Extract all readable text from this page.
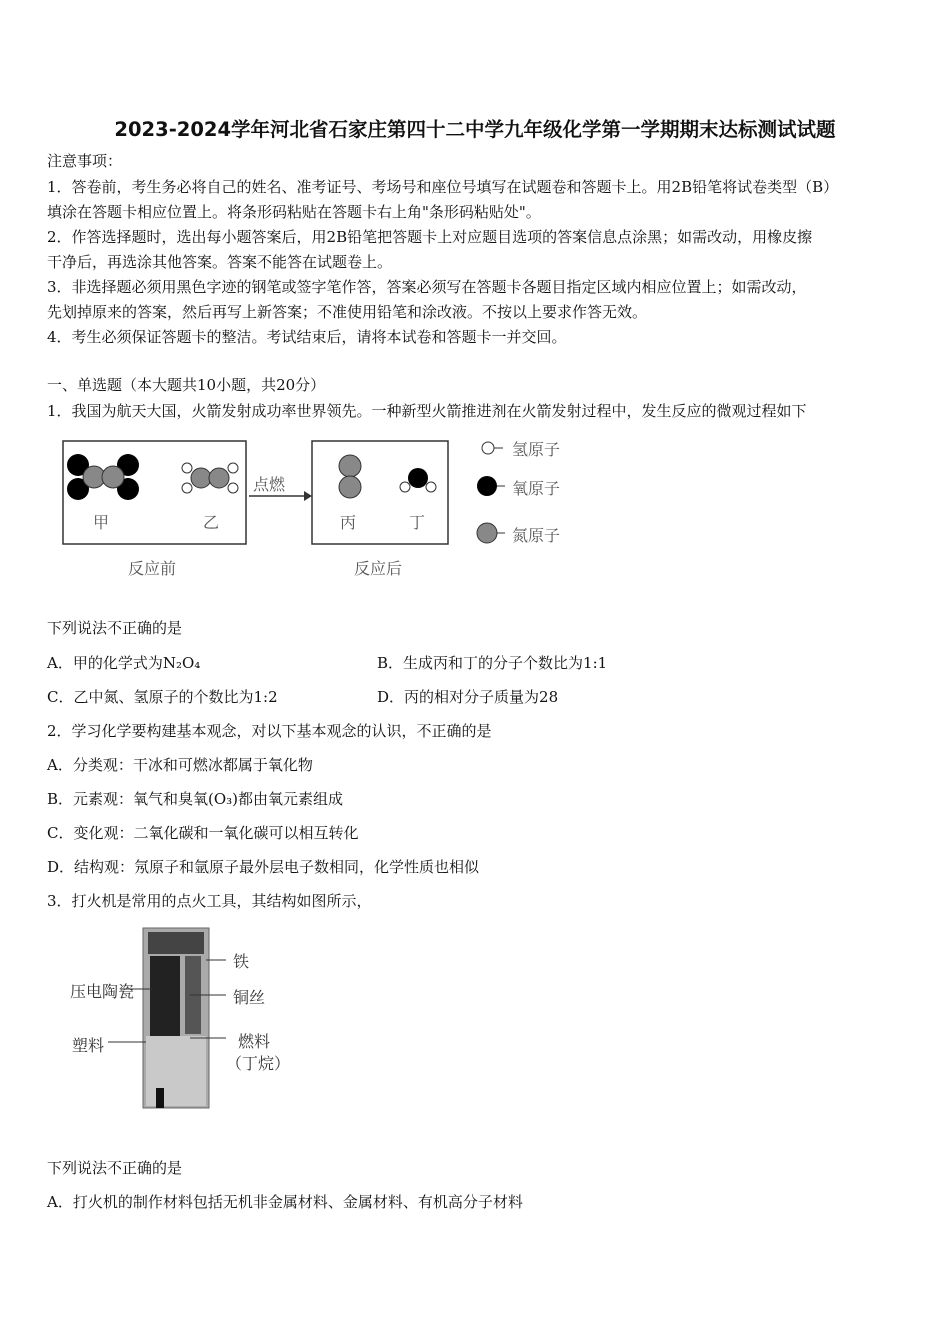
2023-2024学年河北省石家庄第四十二中学九年级化学第一学期期末达标测试试题
注意事项：
1．答卷前，考生务必将自己的姓名、准考证号、考场号和座位号填写在试题卷和答题卡上。用2B铅笔将试卷类型（B）
填涂在答题卡相应位置上。将条形码粘贴在答题卡右上角"条形码粘贴处"。
2．作答选择题时，选出每小题答案后，用2B铅笔把答题卡上对应题目选项的答案信息点涂黑；如需改动，用橡皮擦
干净后，再选涂其他答案。答案不能答在试题卷上。
3．非选择题必须用黑色字迹的钢笔或签字笔作答，答案必须写在答题卡各题目指定区域内相应位置上；如需改动，
先划掉原来的答案，然后再写上新答案；不准使用铅笔和涂改液。不按以上要求作答无效。
4．考生必须保证答题卡的整洁。考试结束后，请将本试卷和答题卡一并交回。
一、单选题（本大题共10小题，共20分）
1．我国为航天大国，火箭发射成功率世界领先。一种新型火箭推进剂在火箭发射过程中，发生反应的微观过程如下
甲	乙
点燃
丙	丁
反应前	反应后
氢原子
氧原子
氮原子
下列说法不正确的是
A．甲的化学式为N₂O₄	B．生成丙和丁的分子个数比为1:1
C．乙中氮、氢原子的个数比为1:2	D．丙的相对分子质量为28
2．学习化学要构建基本观念，对以下基本观念的认识，不正确的是
A．分类观：干冰和可燃冰都属于氧化物
B．元素观：氧气和臭氧(O₃)都由氧元素组成
C．变化观：二氧化碳和一氧化碳可以相互转化
D．结构观：氖原子和氩原子最外层电子数相同，化学性质也相似
3．打火机是常用的点火工具，其结构如图所示，
铁
压电陶瓷	铜丝
塑料	燃料
（丁烷）
下列说法不正确的是
A．打火机的制作材料包括无机非金属材料、金属材料、有机高分子材料
